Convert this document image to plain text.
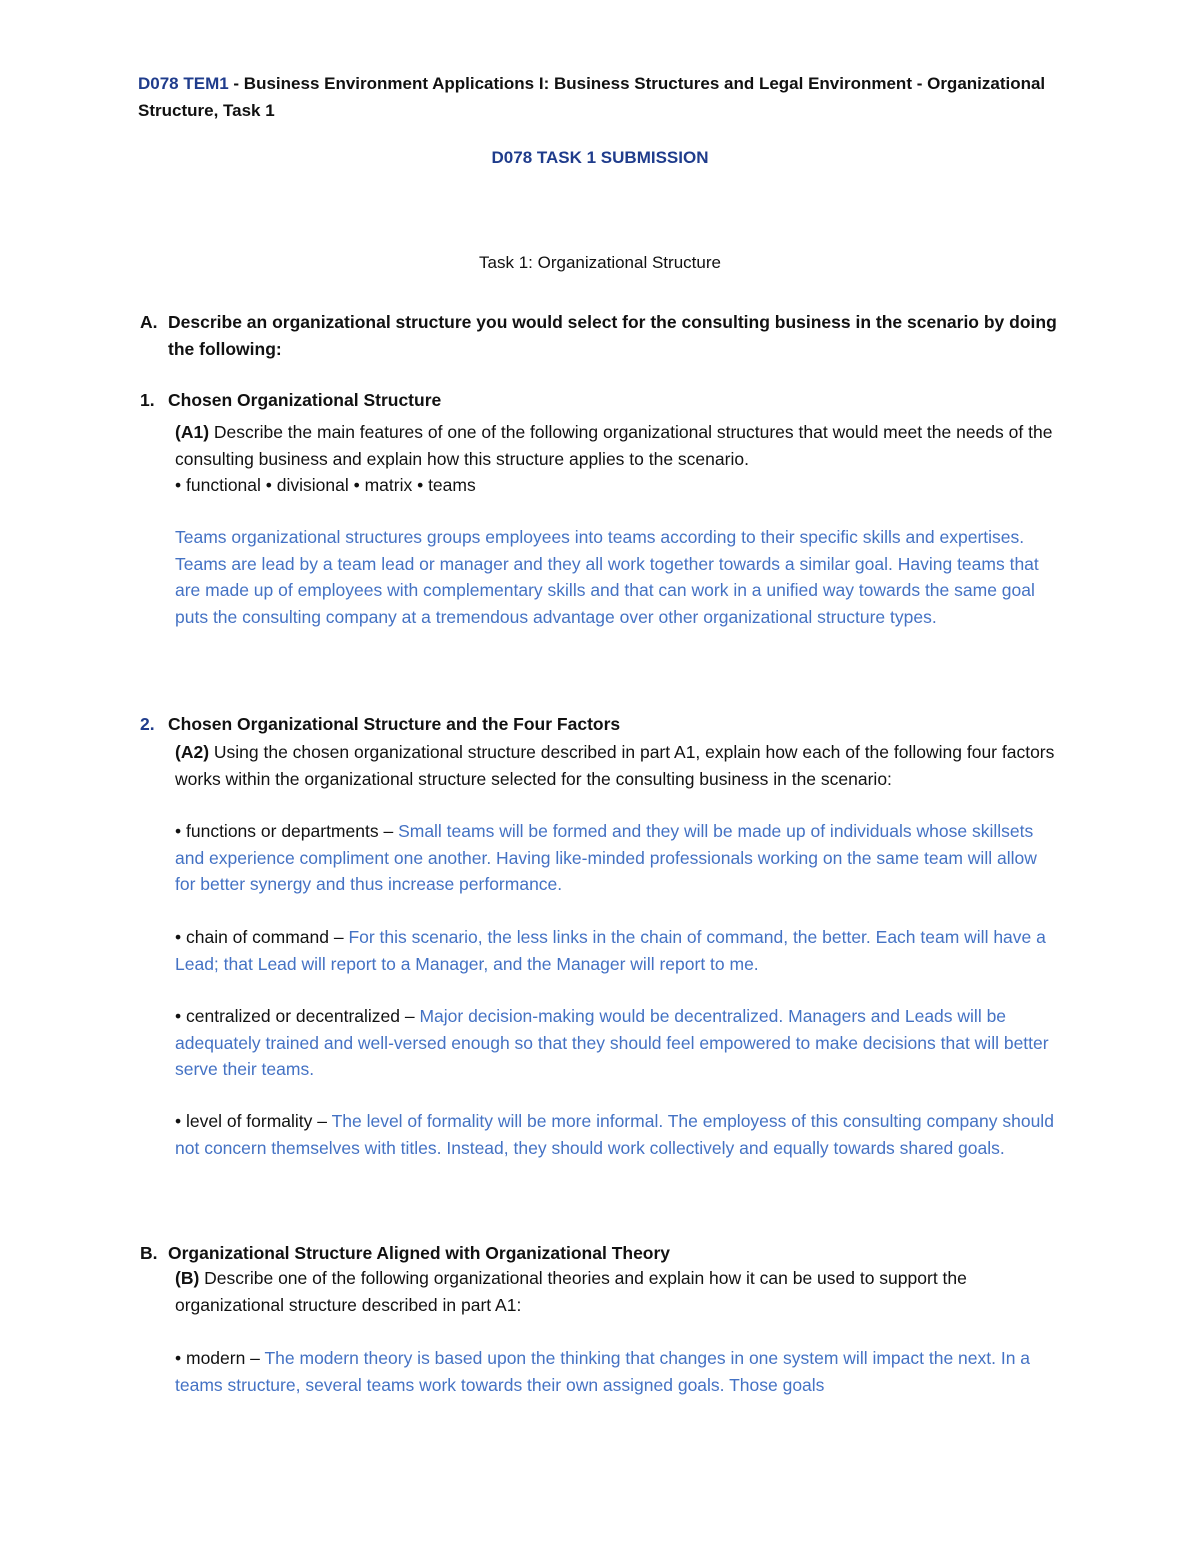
D078 TEM1 - Business Environment Applications I: Business Structures and Legal Environment - Organizational Structure, Task 1

D078 TASK 1 SUBMISSION

Task 1: Organizational Structure

A. Describe an organizational structure you would select for the consulting business in the scenario by doing the following:
1. Chosen Organizational Structure

(A1) Describe the main features of one of the following organizational structures that would meet the needs of the consulting business and explain how this structure applies to the scenario.

• functional • divisional • matrix • teams

Teams organizational structures groups employees into teams according to their specific skills and expertises. Teams are lead by a team lead or manager and they all work together towards a similar goal. Having teams that are made up of employees with complementary skills and that can work in a unified way towards the same goal puts the consulting company at a tremendous advantage over other organizational structure types.
2. Chosen Organizational Structure and the Four Factors

(A2) Using the chosen organizational structure described in part A1, explain how each of the following four factors works within the organizational structure selected for the consulting business in the scenario:

• functions or departments – Small teams will be formed and they will be made up of individuals whose skillsets and experience compliment one another. Having like-minded professionals working on the same team will allow for better synergy and thus increase performance.

• chain of command – For this scenario, the less links in the chain of command, the better. Each team will have a Lead; that Lead will report to a Manager, and the Manager will report to me.

• centralized or decentralized – Major decision-making would be decentralized. Managers and Leads will be adequately trained and well-versed enough so that they should feel empowered to make decisions that will better serve their teams.

• level of formality – The level of formality will be more informal. The employess of this consulting company should not concern themselves with titles. Instead, they should work collectively and equally towards shared goals.

B. Organizational Structure Aligned with Organizational Theory

(B) Describe one of the following organizational theories and explain how it can be used to support the organizational structure described in part A1:

• modern – The modern theory is based upon the thinking that changes in one system will impact the next. In a teams structure, several teams work towards their own assigned goals. Those goals
